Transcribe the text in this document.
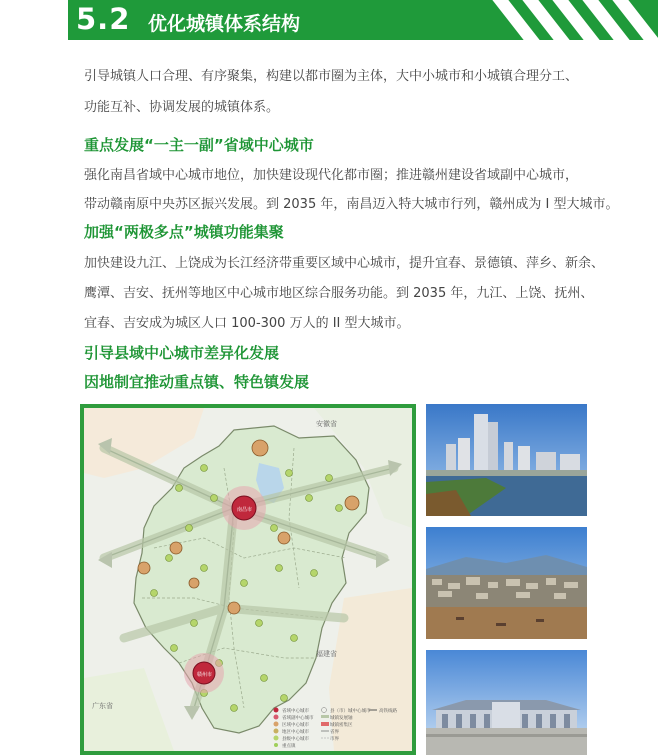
5.2 优化城镇体系结构
引导城镇人口合理、有序聚集，构建以都市圈为主体，大中小城市和小城镇合理分工、
功能互补、协调发展的城镇体系。
重点发展“一主一副”省域中心城市
强化南昌省域中心城市地位，加快建设现代化都市圈；推进赣州建设省域副中心城市，
带动赣南原中央苏区振兴发展。到 2035 年，南昌迈入特大城市行列，赣州成为 I 型大城市。
加强“两极多点”城镇功能集聚
加快建设九江、上饶成为长江经济带重要区域中心城市，提升宜春、景德镇、萍乡、新余、
鹰潭、吉安、抚州等地区中心城市地区综合服务功能。到 2035 年，九江、上饶、抚州、
宜春、吉安成为城区人口 100-300 万人的 II 型大城市。
引导县域中心城市差异化发展
因地制宜推动重点镇、特色镇发展
安徽省
福建省
广东省
南昌市
赣州市
省域中心城市
省域副中心城市
区域中心城市
地区中心城市
县级中心城市
重点镇
县（市）城中心城市
城镇发展轴
城镇密集区
省界
市界
高铁线路
